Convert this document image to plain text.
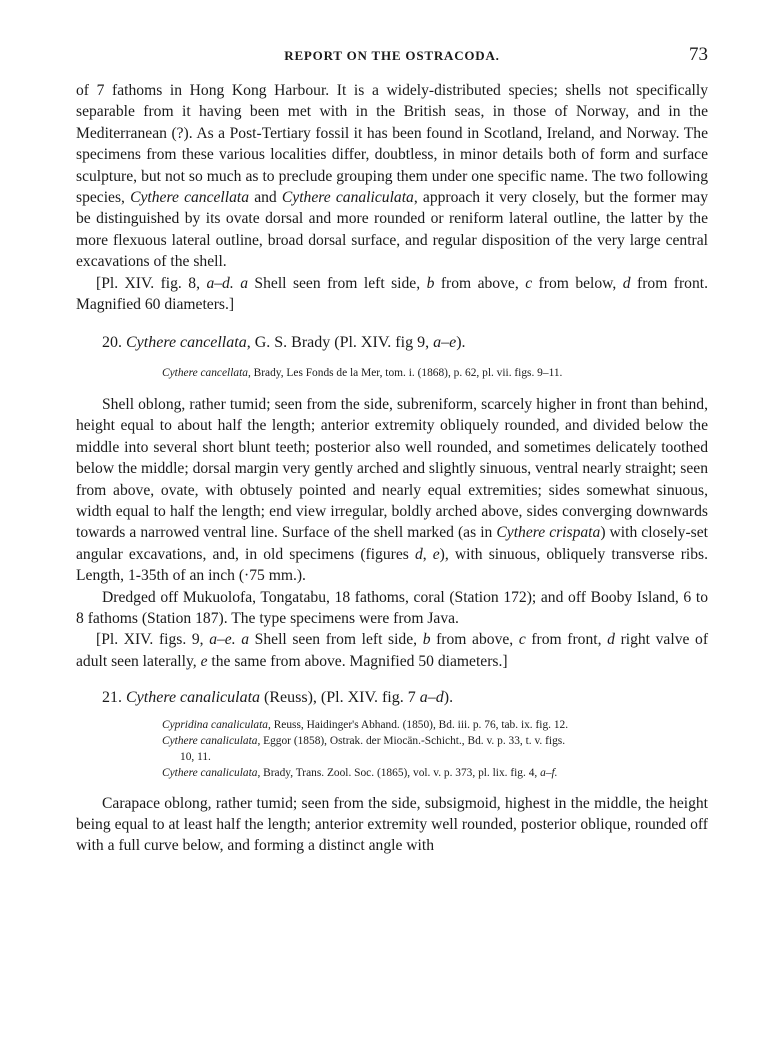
REPORT ON THE OSTRACODA.	73

of 7 fathoms in Hong Kong Harbour. It is a widely-distributed species; shells not specifically separable from it having been met with in the British seas, in those of Norway, and in the Mediterranean (?). As a Post-Tertiary fossil it has been found in Scotland, Ireland, and Norway. The specimens from these various localities differ, doubtless, in minor details both of form and surface sculpture, but not so much as to preclude grouping them under one specific name. The two following species, Cythere cancellata and Cythere canaliculata, approach it very closely, but the former may be distinguished by its ovate dorsal and more rounded or reniform lateral outline, the latter by the more flexuous lateral outline, broad dorsal surface, and regular disposition of the very large central excavations of the shell.

[Pl. XIV. fig. 8, a–d. a Shell seen from left side, b from above, c from below, d from front. Magnified 60 diameters.]

20. Cythere cancellata, G. S. Brady (Pl. XIV. fig 9, a–e).

Cythere cancellata, Brady, Les Fonds de la Mer, tom. i. (1868), p. 62, pl. vii. figs. 9–11.

Shell oblong, rather tumid; seen from the side, subreniform, scarcely higher in front than behind, height equal to about half the length; anterior extremity obliquely rounded, and divided below the middle into several short blunt teeth; posterior also well rounded, and sometimes delicately toothed below the middle; dorsal margin very gently arched and slightly sinuous, ventral nearly straight; seen from above, ovate, with obtusely pointed and nearly equal extremities; sides somewhat sinuous, width equal to half the length; end view irregular, boldly arched above, sides converging downwards towards a narrowed ventral line. Surface of the shell marked (as in Cythere crispata) with closely-set angular excavations, and, in old specimens (figures d, e), with sinuous, obliquely transverse ribs. Length, 1-35th of an inch (·75 mm.).

Dredged off Mukuolofa, Tongatabu, 18 fathoms, coral (Station 172); and off Booby Island, 6 to 8 fathoms (Station 187). The type specimens were from Java.

[Pl. XIV. figs. 9, a–e. a Shell seen from left side, b from above, c from front, d right valve of adult seen laterally, e the same from above. Magnified 50 diameters.]

21. Cythere canaliculata (Reuss), (Pl. XIV. fig. 7 a–d).

Cypridina canaliculata, Reuss, Haidinger's Abhand. (1850), Bd. iii. p. 76, tab. ix. fig. 12.

Cythere canaliculata, Eggor (1858), Ostrak. der Miocän.-Schicht., Bd. v. p. 33, t. v. figs.
10, 11.

Cythere canaliculata, Brady, Trans. Zool. Soc. (1865), vol. v. p. 373, pl. lix. fig. 4, a–f.

Carapace oblong, rather tumid; seen from the side, subsigmoid, highest in the middle, the height being equal to at least half the length; anterior extremity well rounded, posterior oblique, rounded off with a full curve below, and forming a distinct angle with
